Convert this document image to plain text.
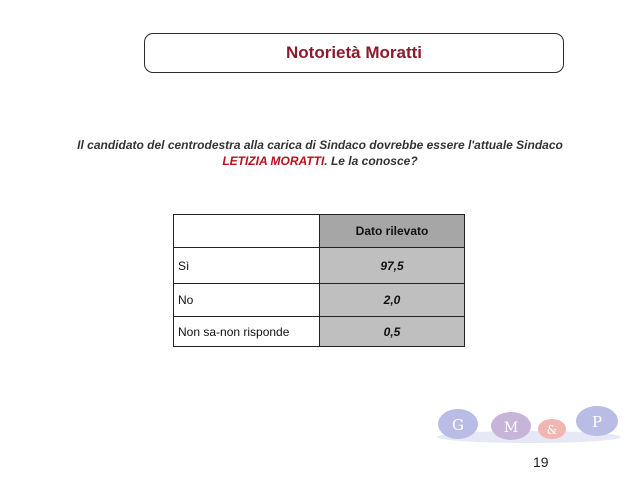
Notorietà Moratti
Il candidato del centrodestra alla carica di Sindaco dovrebbe essere l'attuale Sindaco
LETIZIA MORATTI. Le la conosce?
	Dato rilevato
Sì	97,5
No	2,0
Non sa-non risponde	0,5
G	M & P
19
